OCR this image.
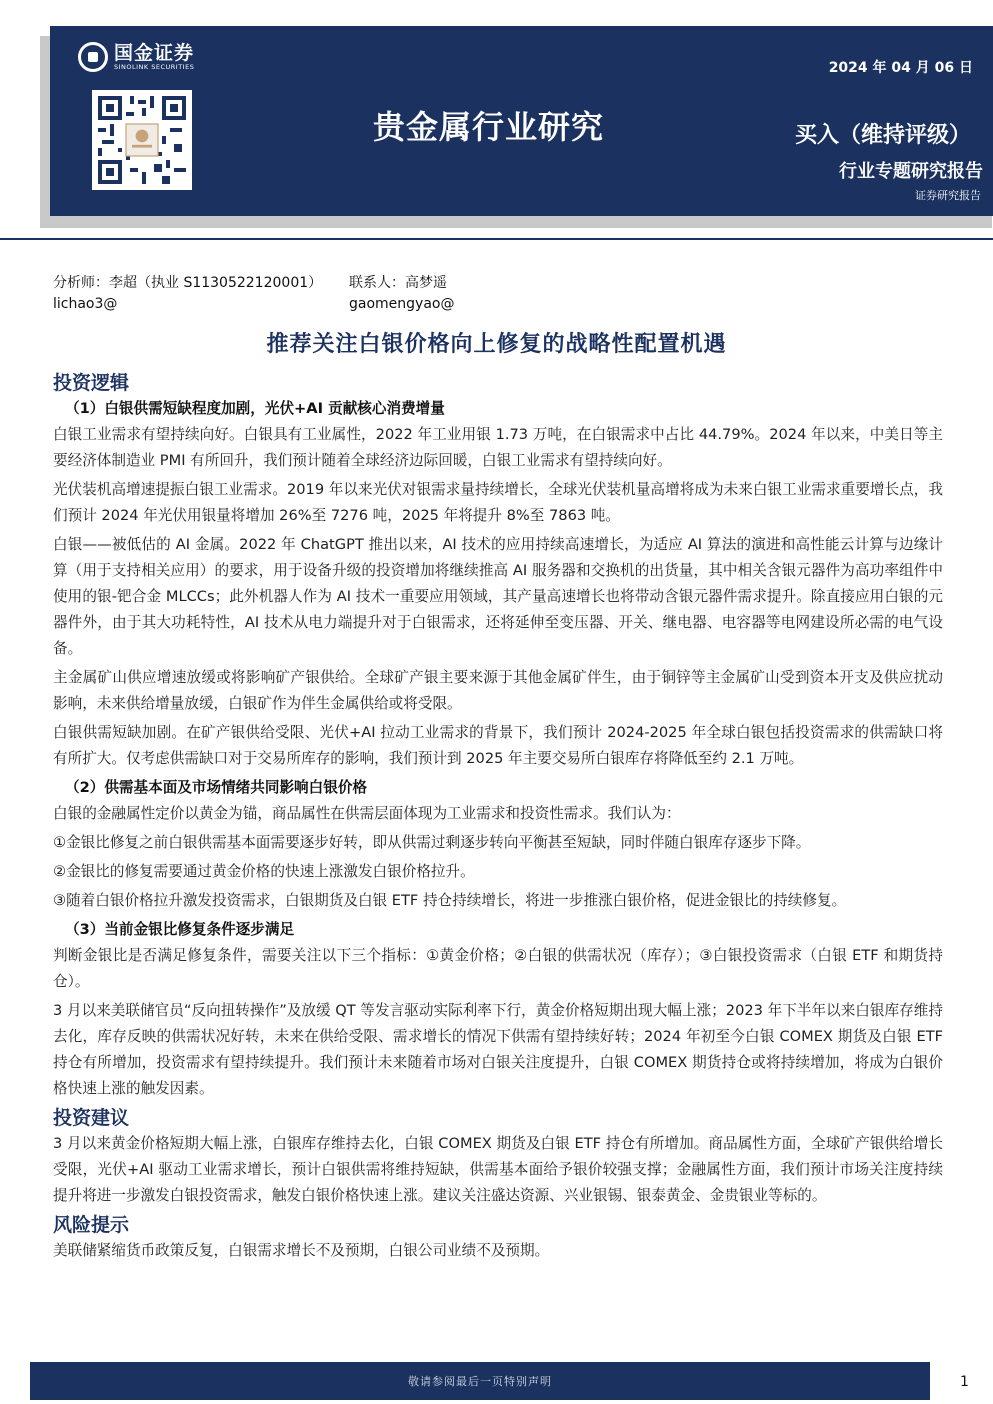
国金证券
SINOLINK SECURITIES	2024 年 04 月 06 日
贵金属行业研究	买入（维持评级）
行业专题研究报告
证券研究报告
分析师：李超（执业 S1130522120001）
lichao3@
联系人：高梦遥
gaomengyao@
推荐关注白银价格向上修复的战略性配置机遇
投资逻辑
（1）白银供需短缺程度加剧，光伏+AI 贡献核心消费增量

白银工业需求有望持续向好。白银具有工业属性，2022 年工业用银 1.73 万吨，在白银需求中占比 44.79%。2024 年以来，中美日等主要经济体制造业 PMI 有所回升，我们预计随着全球经济边际回暖，白银工业需求有望持续向好。

光伏装机高增速提振白银工业需求。2019 年以来光伏对银需求量持续增长，全球光伏装机量高增将成为未来白银工业需求重要增长点，我们预计 2024 年光伏用银量将增加 26%至 7276 吨，2025 年将提升 8%至 7863 吨。

白银——被低估的 AI 金属。2022 年 ChatGPT 推出以来，AI 技术的应用持续高速增长，为适应 AI 算法的演进和高性能云计算与边缘计算（用于支持相关应用）的要求，用于设备升级的投资增加将继续推高 AI 服务器和交换机的出货量，其中相关含银元器件为高功率组件中使用的银-钯合金 MLCCs；此外机器人作为 AI 技术一重要应用领域，其产量高速增长也将带动含银元器件需求提升。除直接应用白银的元器件外，由于其大功耗特性，AI 技术从电力端提升对于白银需求，还将延伸至变压器、开关、继电器、电容器等电网建设所必需的电气设备。

主金属矿山供应增速放缓或将影响矿产银供给。全球矿产银主要来源于其他金属矿伴生，由于铜锌等主金属矿山受到资本开支及供应扰动影响，未来供给增量放缓，白银矿作为伴生金属供给或将受限。

白银供需短缺加剧。在矿产银供给受限、光伏+AI 拉动工业需求的背景下，我们预计 2024-2025 年全球白银包括投资需求的供需缺口将有所扩大。仅考虑供需缺口对于交易所库存的影响，我们预计到 2025 年主要交易所白银库存将降低至约 2.1 万吨。

（2）供需基本面及市场情绪共同影响白银价格

白银的金融属性定价以黄金为锚，商品属性在供需层面体现为工业需求和投资性需求。我们认为：

①金银比修复之前白银供需基本面需要逐步好转，即从供需过剩逐步转向平衡甚至短缺，同时伴随白银库存逐步下降。

②金银比的修复需要通过黄金价格的快速上涨激发白银价格拉升。

③随着白银价格拉升激发投资需求，白银期货及白银 ETF 持仓持续增长，将进一步推涨白银价格，促进金银比的持续修复。

（3）当前金银比修复条件逐步满足

判断金银比是否满足修复条件，需要关注以下三个指标：①黄金价格；②白银的供需状况（库存）；③白银投资需求（白银 ETF 和期货持仓）。

3 月以来美联储官员“反向扭转操作”及放缓 QT 等发言驱动实际利率下行，黄金价格短期出现大幅上涨；2023 年下半年以来白银库存维持去化，库存反映的供需状况好转，未来在供给受限、需求增长的情况下供需有望持续好转；2024 年初至今白银 COMEX 期货及白银 ETF 持仓有所增加，投资需求有望持续提升。我们预计未来随着市场对白银关注度提升，白银 COMEX 期货持仓或将持续增加，将成为白银价格快速上涨的触发因素。

投资建议

3 月以来黄金价格短期大幅上涨，白银库存维持去化，白银 COMEX 期货及白银 ETF 持仓有所增加。商品属性方面，全球矿产银供给增长受限，光伏+AI 驱动工业需求增长，预计白银供需将维持短缺，供需基本面给予银价较强支撑；金融属性方面，我们预计市场关注度持续提升将进一步激发白银投资需求，触发白银价格快速上涨。建议关注盛达资源、兴业银锡、银泰黄金、金贵银业等标的。

风险提示

美联储紧缩货币政策反复，白银需求增长不及预期，白银公司业绩不及预期。

敬请参阅最后一页特别声明	1
